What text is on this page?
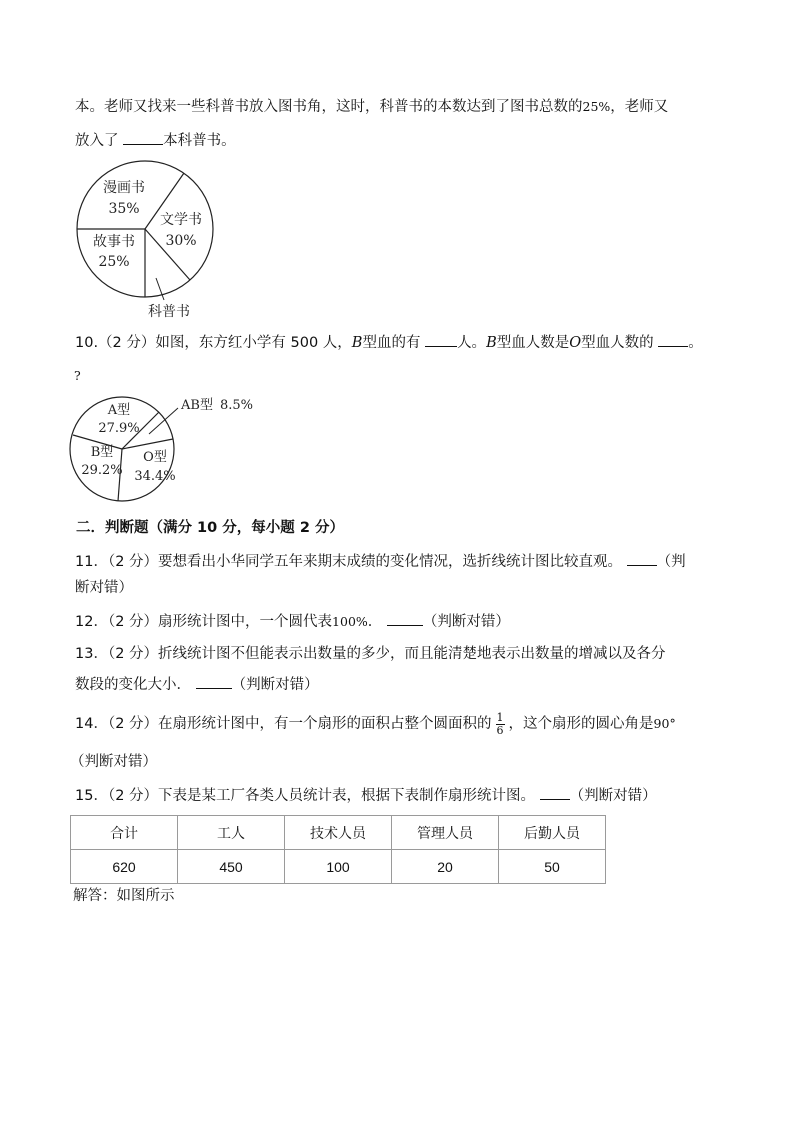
本。老师又找来一些科普书放入图书角，这时，科普书的本数达到了图书总数的25%，老师又
放入了	本科普书。
漫画书
35%
文学书
30%
故事书
25%
科普书
10.（2 分）如图，东方红小学有 500 人，B型血的有	人。B型血人数是O型血人数的 。
?
A型
27.9%
AB型 8.5%
O型
34.4%
B型
29.2%
二．判断题（满分 10 分，每小题 2 分）
11．（2 分）要想看出小华同学五年来期末成绩的变化情况，选折线统计图比较直观。 （判
断对错）
12．（2 分）扇形统计图中，一个圆代表100%．	（判断对错）
13．（2 分）折线统计图不但能表示出数量的多少，而且能清楚地表示出数量的增减以及各分
数段的变化大小．	（判断对错）
14．（2 分）在扇形统计图中，有一个扇形的面积占整个圆面积的 $\frac{1}{6}$ ，这个扇形的圆心角是90°
（判断对错）
15．（2 分）下表是某工厂各类人员统计表，根据下表制作扇形统计图。 （判断对错）
合计	工人	技术人员	管理人员	后勤人员
620	450	100	20	50
解答：如图所示
